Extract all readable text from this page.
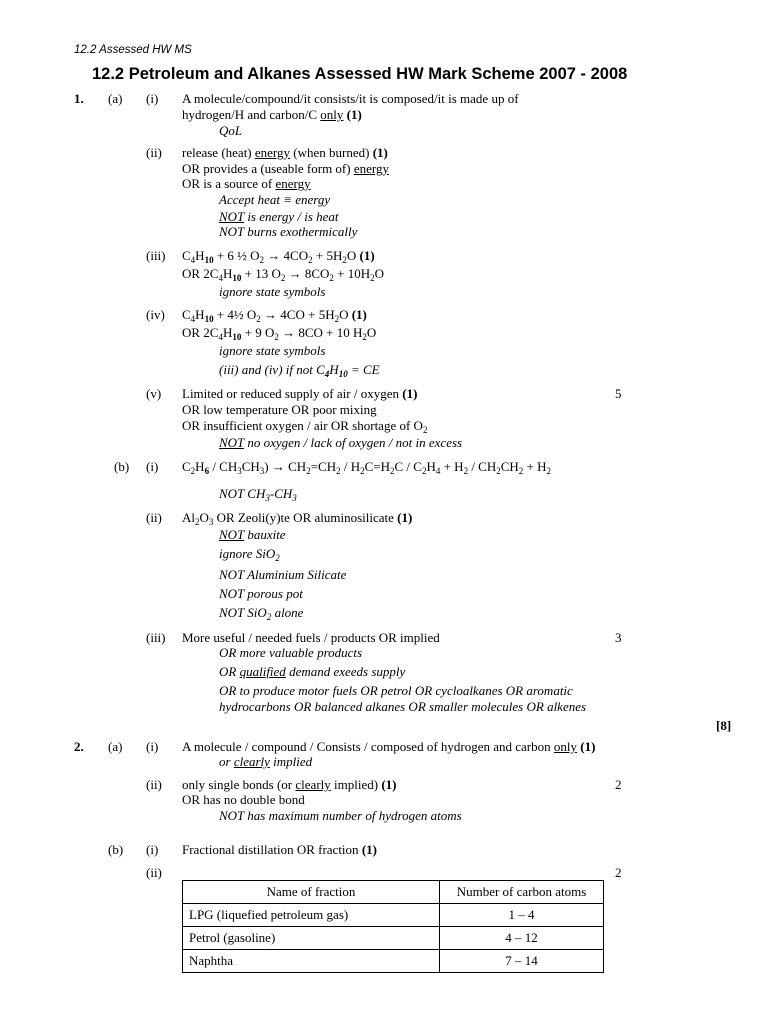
12.2 Assessed HW MS
12.2 Petroleum and Alkanes Assessed HW Mark Scheme 2007 - 2008
1. (a) (i) A molecule/compound/it consists/it is composed/it is made up of
hydrogen/H and carbon/C only (1)
QoL
(ii) release (heat) energy (when burned) (1)
OR provides a (useable form of) energy
OR is a source of energy
Accept heat ≡ energy
NOT is energy / is heat
NOT burns exothermically
(iii) $C_4H_{10} + 6$ ½ $O_2 \to 4CO_2 + 5H_2O$ (1)
OR $2C_4H_{10} + 13$ $O_2 \to 8CO_2 + 10H_2O$
ignore state symbols
(iv) $C_4H_{10}$ + 4½ $O_2 \to 4CO + 5H_2O$ (1)
OR $2C_4H_{10} + 9$ $O_2 \to 8CO + 10$ $H_2O$
ignore state symbols
(iii) and (iv) if not $C_4H_{10}$ = CE
(v) Limited or reduced supply of air / oxygen (1)	5
OR low temperature OR poor mixing
OR insufficient oxygen / air OR shortage of $O_2$
NOT no oxygen / lack of oxygen / not in excess
(b) (i) $C_2H_6 / CH_3CH_3) \to CH_2=CH_2 / H_2C=H_2C / C_2H_4 + H_2 / CH_2CH_2 + H_2$
NOT $CH_3-CH_3$
(ii) $Al_2O_3$ OR Zeoli(y)te OR aluminosilicate (1)
NOT bauxite
ignore SiO$_2$
NOT Aluminium Silicate
NOT porous pot
NOT SiO$_2$ alone
(iii) More useful / needed fuels / products OR implied	3
OR more valuable products
OR qualified demand exeeds supply
OR to produce motor fuels OR petrol OR cycloalkanes OR aromatic
hydrocarbons OR balanced alkanes OR smaller molecules OR alkenes
[8]
2. (a) (i) A molecule / compound / Consists / composed of hydrogen and carbon only (1)
or clearly implied
(ii) only single bonds (or clearly implied) (1)	2
OR has no double bond
NOT has maximum number of hydrogen atoms
(b) (i) Fractional distillation OR fraction (1)
(ii)	2
Name of fraction	Number of carbon atoms
LPG (liquefied petroleum gas)	1 – 4
Petrol (gasoline)	4 – 12
Naphtha	7 – 14
